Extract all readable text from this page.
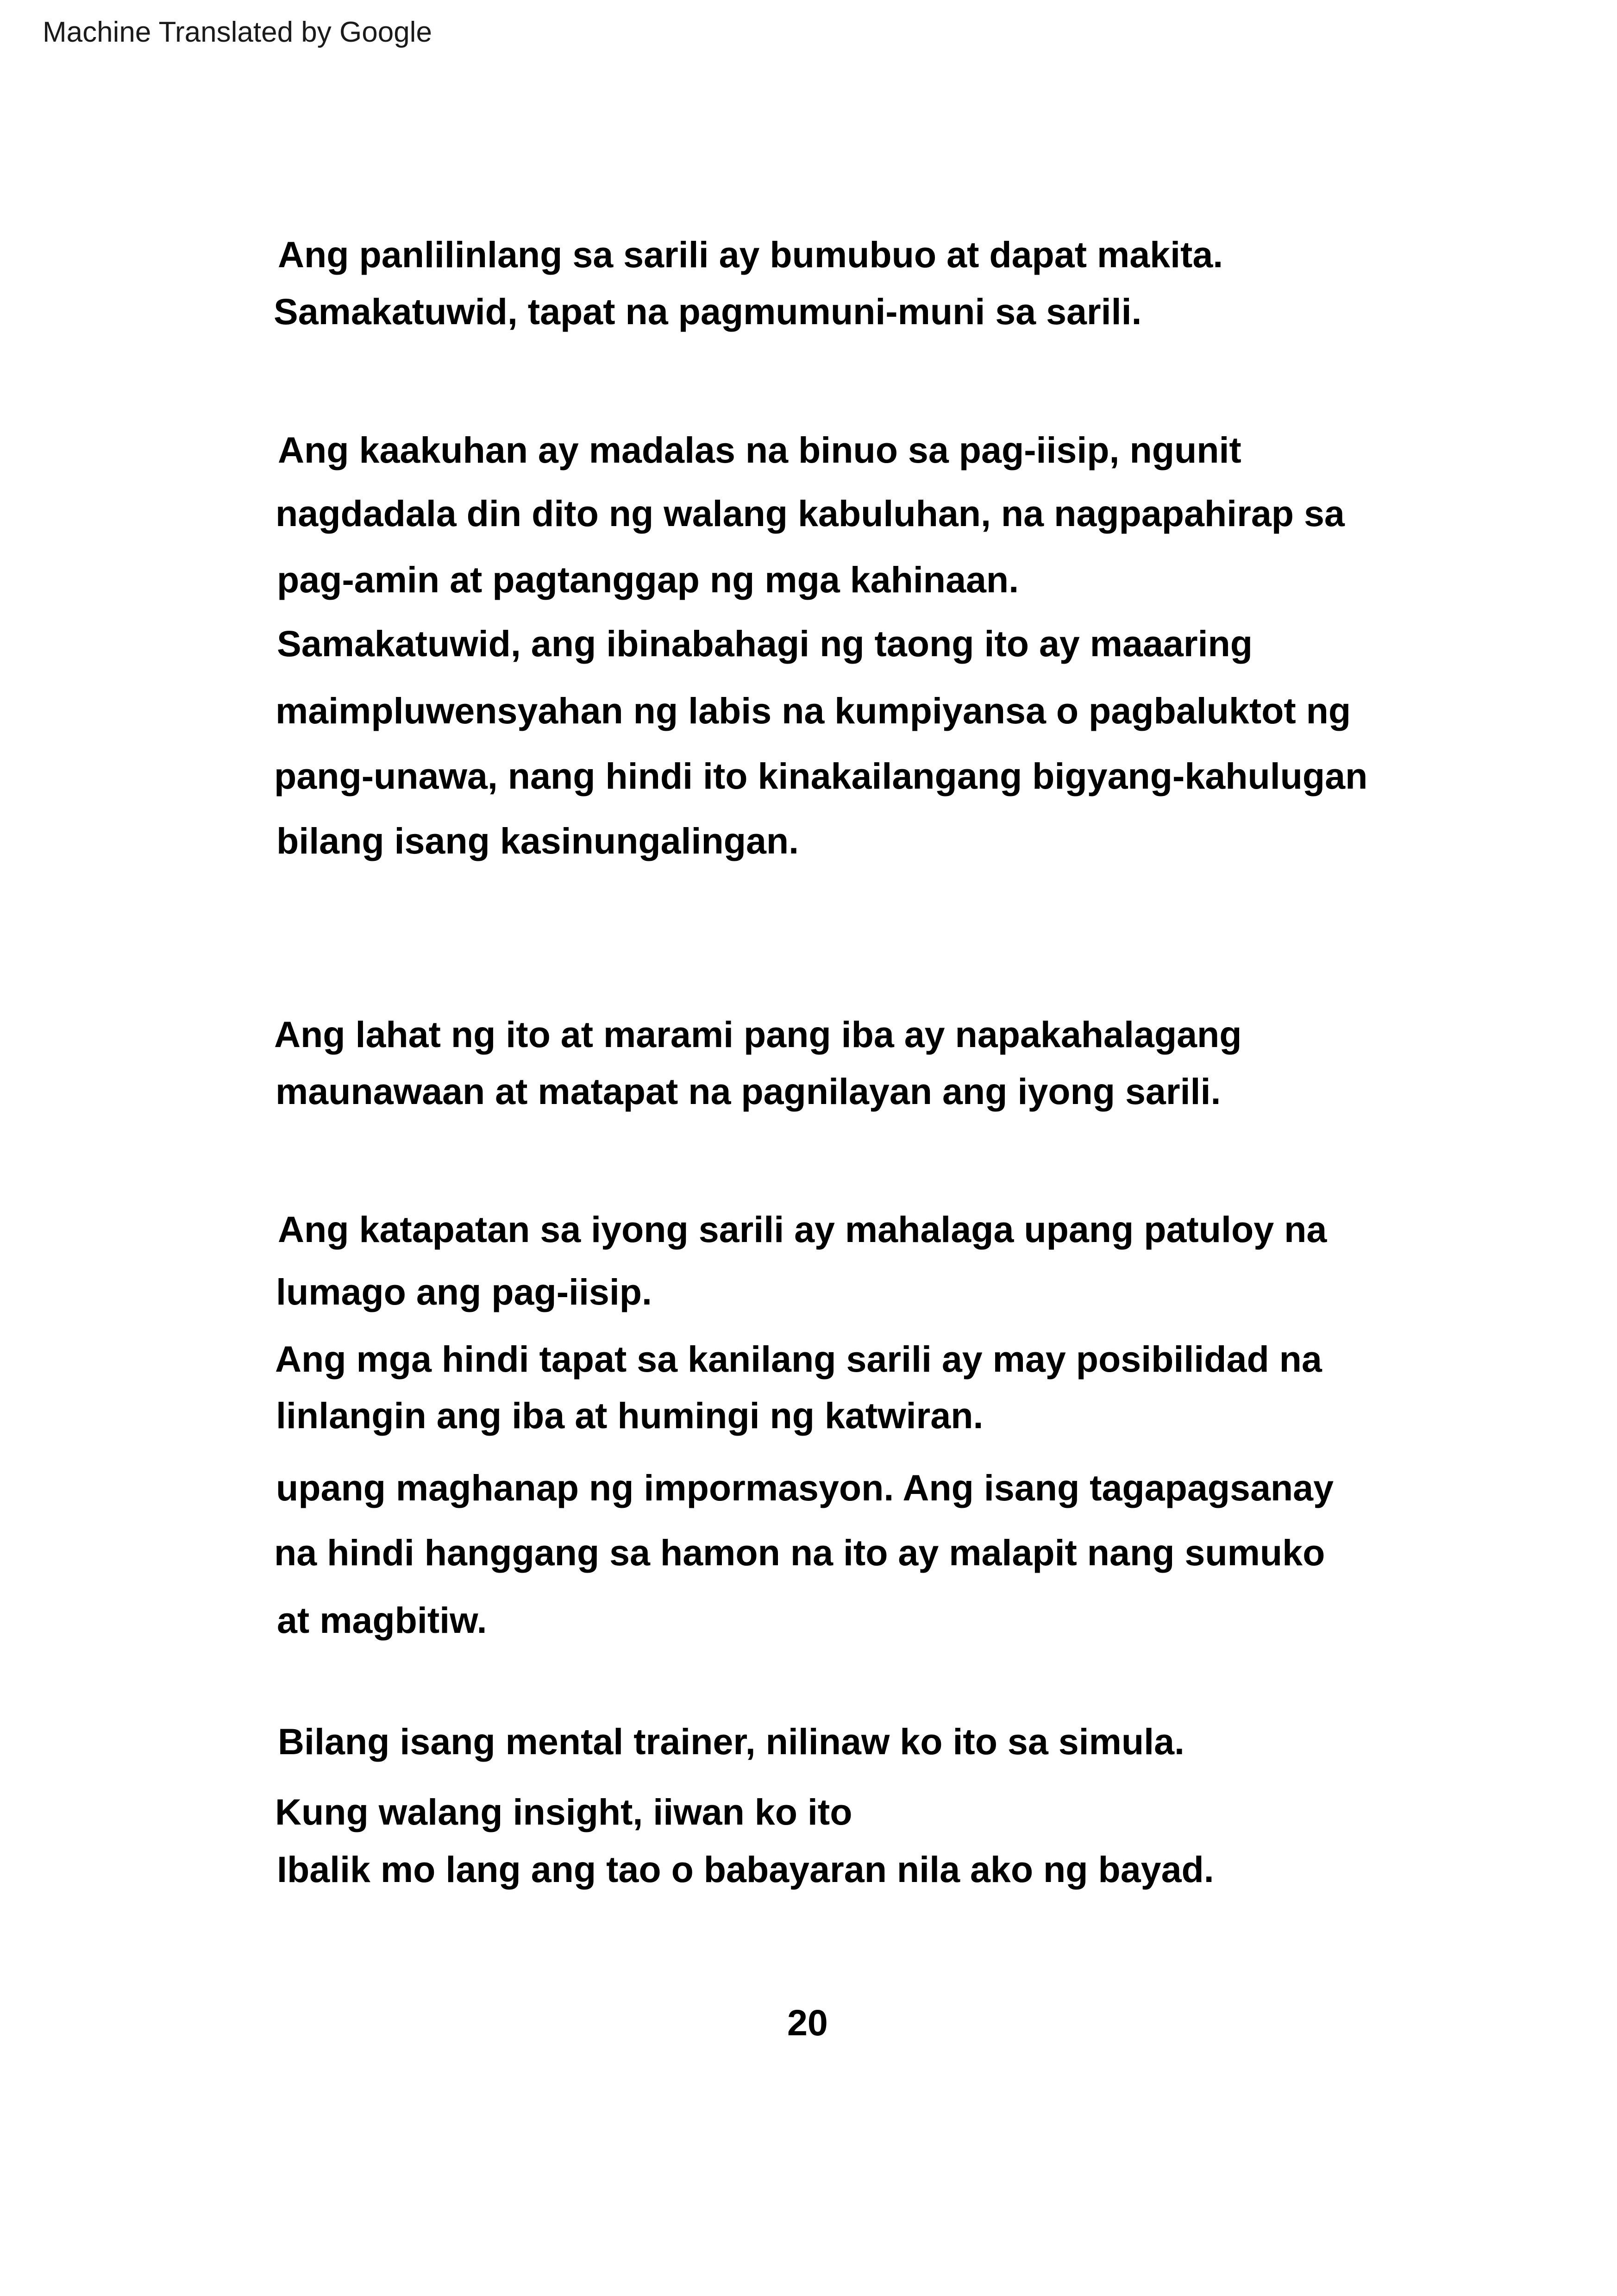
Machine Translated by Google
Ang panlilinlang sa sarili ay bumubuo at dapat makita.
Samakatuwid, tapat na pagmumuni-muni sa sarili.
Ang kaakuhan ay madalas na binuo sa pag-iisip, ngunit
nagdadala din dito ng walang kabuluhan, na nagpapahirap sa
pag-amin at pagtanggap ng mga kahinaan.
Samakatuwid, ang ibinabahagi ng taong ito ay maaaring
maimpluwensyahan ng labis na kumpiyansa o pagbaluktot ng
pang-unawa, nang hindi ito kinakailangang bigyang-kahulugan
bilang isang kasinungalingan.
Ang lahat ng ito at marami pang iba ay napakahalagang
maunawaan at matapat na pagnilayan ang iyong sarili.
Ang katapatan sa iyong sarili ay mahalaga upang patuloy na
lumago ang pag-iisip.
Ang mga hindi tapat sa kanilang sarili ay may posibilidad na
linlangin ang iba at humingi ng katwiran.
upang maghanap ng impormasyon. Ang isang tagapagsanay
na hindi hanggang sa hamon na ito ay malapit nang sumuko
at magbitiw.
Bilang isang mental trainer, nilinaw ko ito sa simula.
Kung walang insight, iiwan ko ito
Ibalik mo lang ang tao o babayaran nila ako ng bayad.
20
